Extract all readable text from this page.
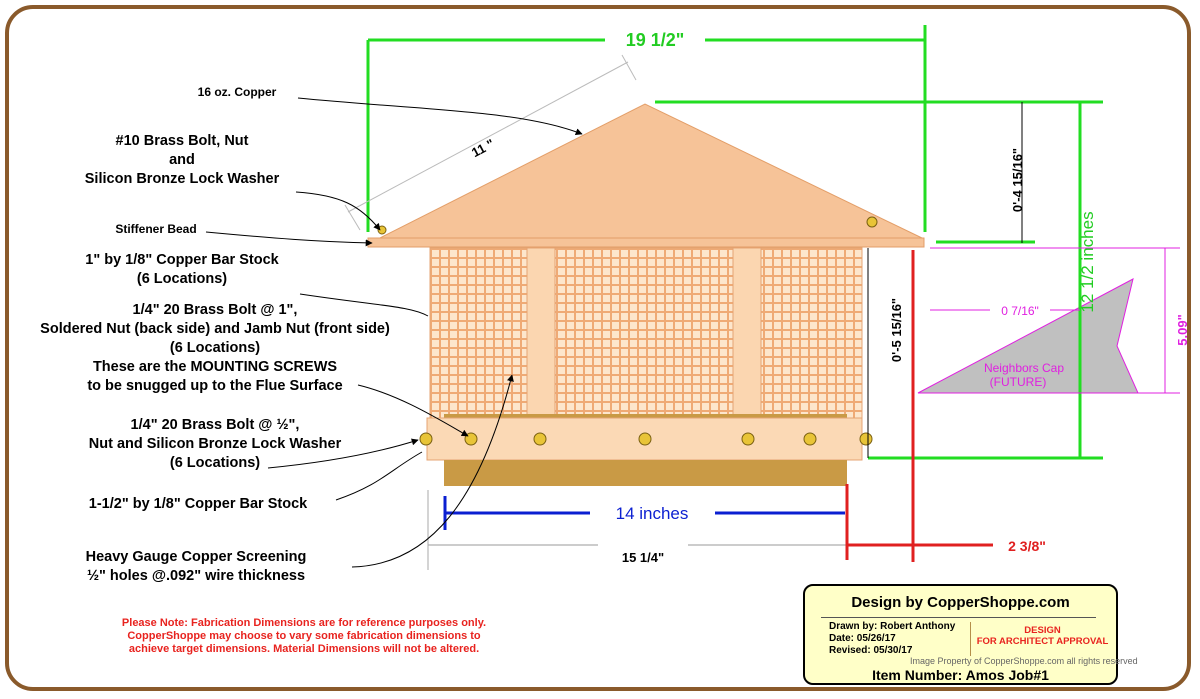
Neighbors Cap
(FUTURE)
19 1/2"
12 1/2 inches
11 "	0'-4 15/16"
0'-5 15/16"
15 1/4"
14 inches
2 3/8"
0 7/16"
5.09"
16 oz. Copper
#10 Brass Bolt, Nut
and
Silicon Bronze Lock Washer
Stiffener Bead
1" by 1/8" Copper Bar Stock
(6 Locations)
1/4" 20 Brass Bolt @ 1",
Soldered Nut (back side) and Jamb Nut (front side)
(6 Locations)
These are the MOUNTING SCREWS
to be snugged up to the Flue Surface
1/4" 20 Brass Bolt @ ½",
Nut and Silicon Bronze Lock Washer
(6 Locations)
1-1/2" by 1/8" Copper Bar Stock
Heavy Gauge Copper Screening
½" holes @.092" wire thickness
Please Note: Fabrication Dimensions are for reference purposes only.
CopperShoppe may choose to vary some fabrication dimensions to
achieve target dimensions. Material Dimensions will not be altered.
Design by CopperShoppe.com
Drawn by: Robert Anthony
Date: 05/26/17
Revised: 05/30/17
DESIGN
FOR ARCHITECT APPROVAL
Image Property of CopperShoppe.com all rights reserved
Item Number: Amos Job#1
